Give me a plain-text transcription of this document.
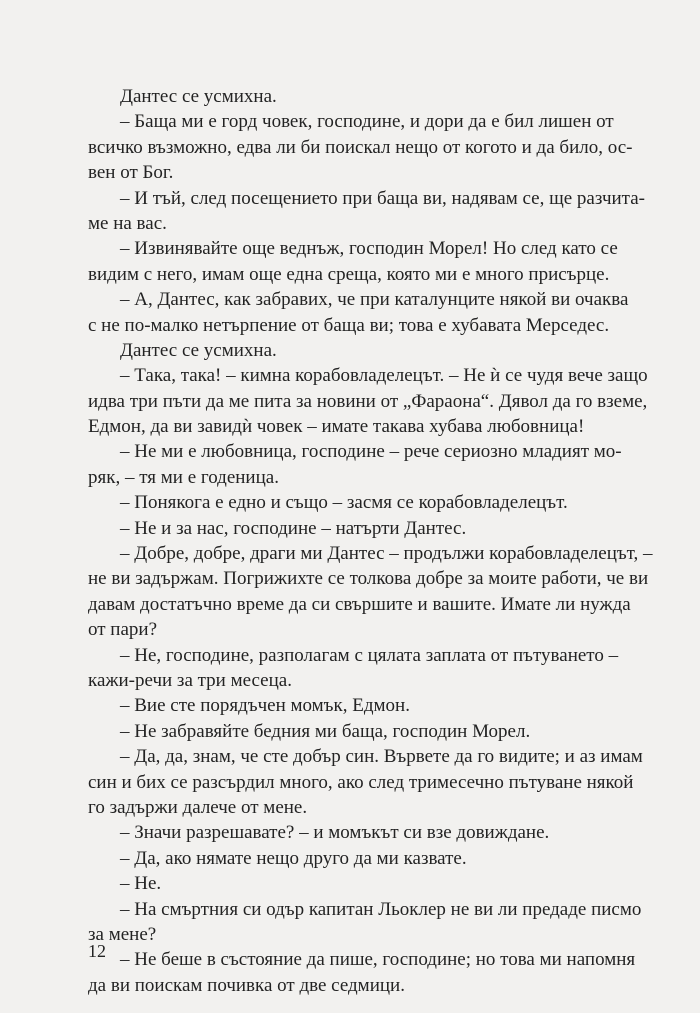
Дантес се усмихна.
– Баща ми е горд човек, господине, и дори да е бил лишен от
всичко възможно, едва ли би поискал нещо от когото и да било, ос-
вен от Бог.
– И тъй, след посещението при баща ви, надявам се, ще разчита-
ме на вас.
– Извинявайте още веднъж, господин Морел! Но след като се
видим с него, имам още една среща, която ми е много присърце.
– А, Дантес, как забравих, че при каталунците някой ви очаква
с не по-малко нетърпение от баща ви; това е хубавата Мерседес.
Дантес се усмихна.
– Така, така! – кимна корабовладелецът. – Не ѝ се чудя вече защо
идва три пъти да ме пита за новини от „Фараона“. Дявол да го вземе,
Едмон, да ви завидѝ човек – имате такава хубава любовница!
– Не ми е любовница, господине – рече сериозно младият мо-
ряк, – тя ми е годеница.
– Понякога е едно и също – засмя се корабовладелецът.
– Не и за нас, господине – натърти Дантес.
– Добре, добре, драги ми Дантес – продължи корабовладелецът, –
не ви задържам. Погрижихте се толкова добре за моите работи, че ви
давам достатъчно време да си свършите и вашите. Имате ли нужда
от пари?
– Не, господине, разполагам с цялата заплата от пътуването –
кажи-речи за три месеца.
– Вие сте порядъчен момък, Едмон.
– Не забравяйте бедния ми баща, господин Морел.
– Да, да, знам, че сте добър син. Вървете да го видите; и аз имам
син и бих се разсърдил много, ако след тримесечно пътуване някой
го задържи далече от мене.
– Значи разрешавате? – и момъкът си взе довиждане.
– Да, ако нямате нещо друго да ми казвате.
– Не.
– На смъртния си одър капитан Льоклер не ви ли предаде писмо
за мене?
– Не беше в състояние да пише, господине; но това ми напомня
да ви поискам почивка от две седмици.
12
